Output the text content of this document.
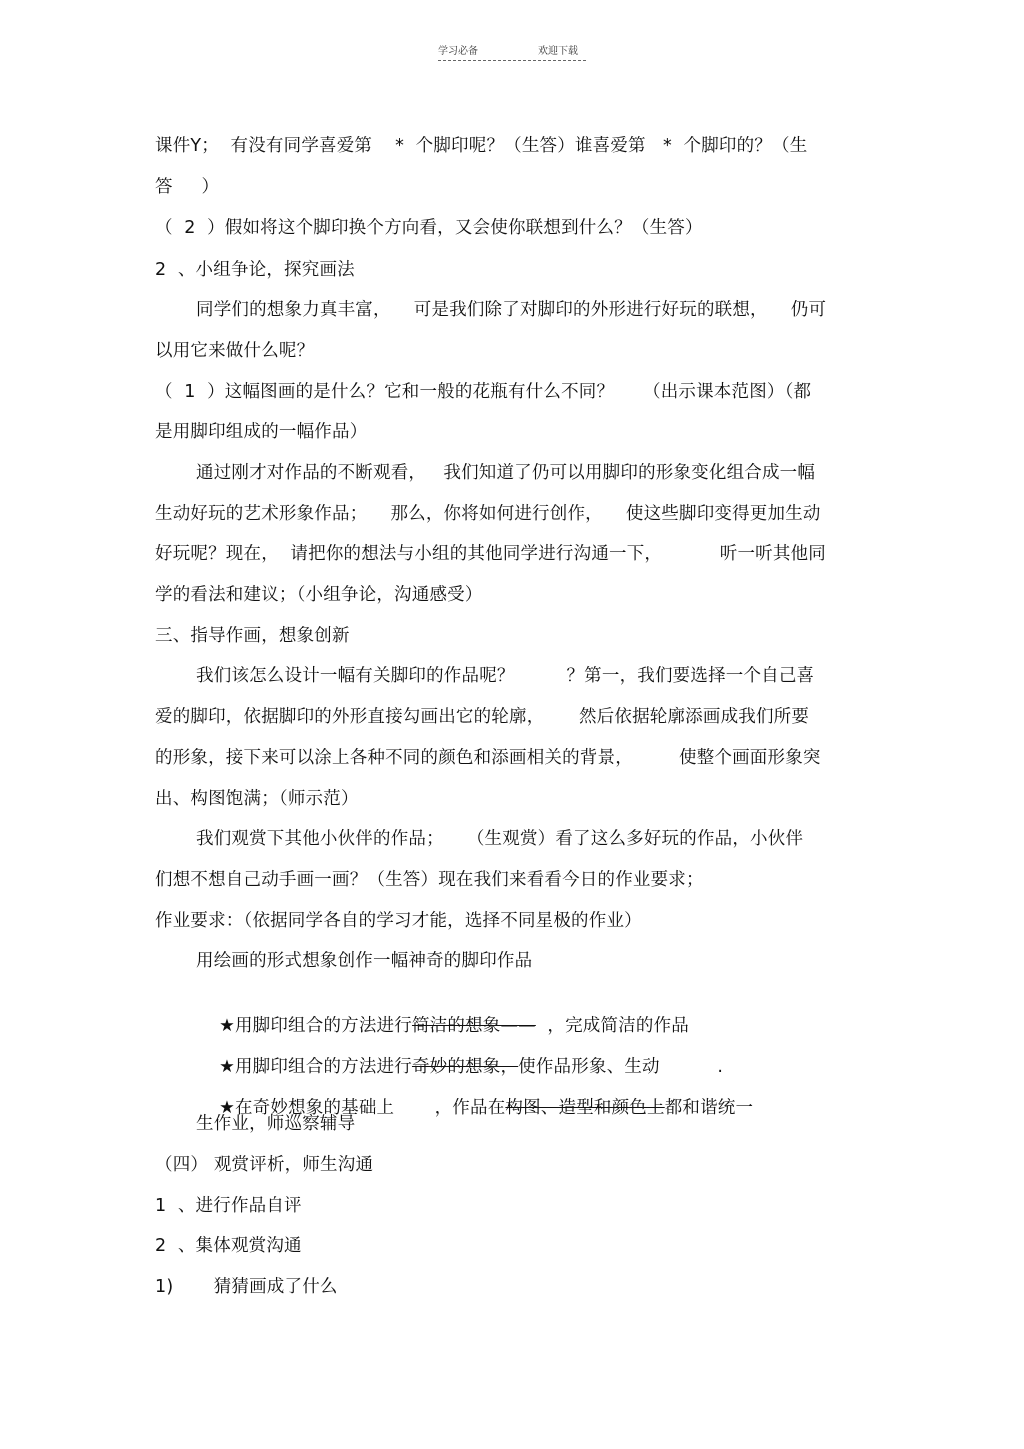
学习必备	欢迎下载
课件Y；  有没有同学喜爱第    *  个脚印呢？（生答）谁喜爱第   *  个脚印的？（生
答     ）
（  2  ）假如将这个脚印换个方向看，又会使你联想到什么？（生答）
2  、小组争论，探究画法
同学们的想象力真丰富，    可是我们除了对脚印的外形进行好玩的联想，    仍可
以用它来做什么呢？
（  1  ）这幅图画的是什么？它和一般的花瓶有什么不同？     （出示课本范图）（都
是用脚印组成的一幅作品）
通过刚才对作品的不断观看，   我们知道了仍可以用脚印的形象变化组合成一幅
生动好玩的艺术形象作品；    那么，你将如何进行创作，    使这些脚印变得更加生动
好玩呢？现在，  请把你的想法与小组的其他同学进行沟通一下，          听一听其他同
学的看法和建议；（小组争论，沟通感受）
三、指导作画，想象创新
我们该怎么设计一幅有关脚印的作品呢？         ？第一，我们要选择一个自己喜
爱的脚印，依据脚印的外形直接勾画出它的轮廓，      然后依据轮廓添画成我们所要
的形象，接下来可以涂上各种不同的颜色和添画相关的背景，        使整个画面形象突
出、构图饱满；（师示范）
我们观赏下其他小伙伴的作品；    （生观赏）看了这么多好玩的作品，小伙伴
们想不想自己动手画一画？（生答）现在我们来看看今日的作业要求；
作业要求：（依据同学各自的学习才能，选择不同星极的作业）
用绘画的形式想象创作一幅神奇的脚印作品

★用脚印组合的方法进行简洁的想象——  ，完成简洁的作品

★用脚印组合的方法进行奇妙的想象，使作品形象、生动          .

★在奇妙想象的基础上       ，作品在构图、造型和颜色上都和谐统一

生作业，师巡察辅导
（四） 观赏评析，师生沟通
1  、进行作品自评
2  、集体观赏沟通
1)       猜猜画成了什么
